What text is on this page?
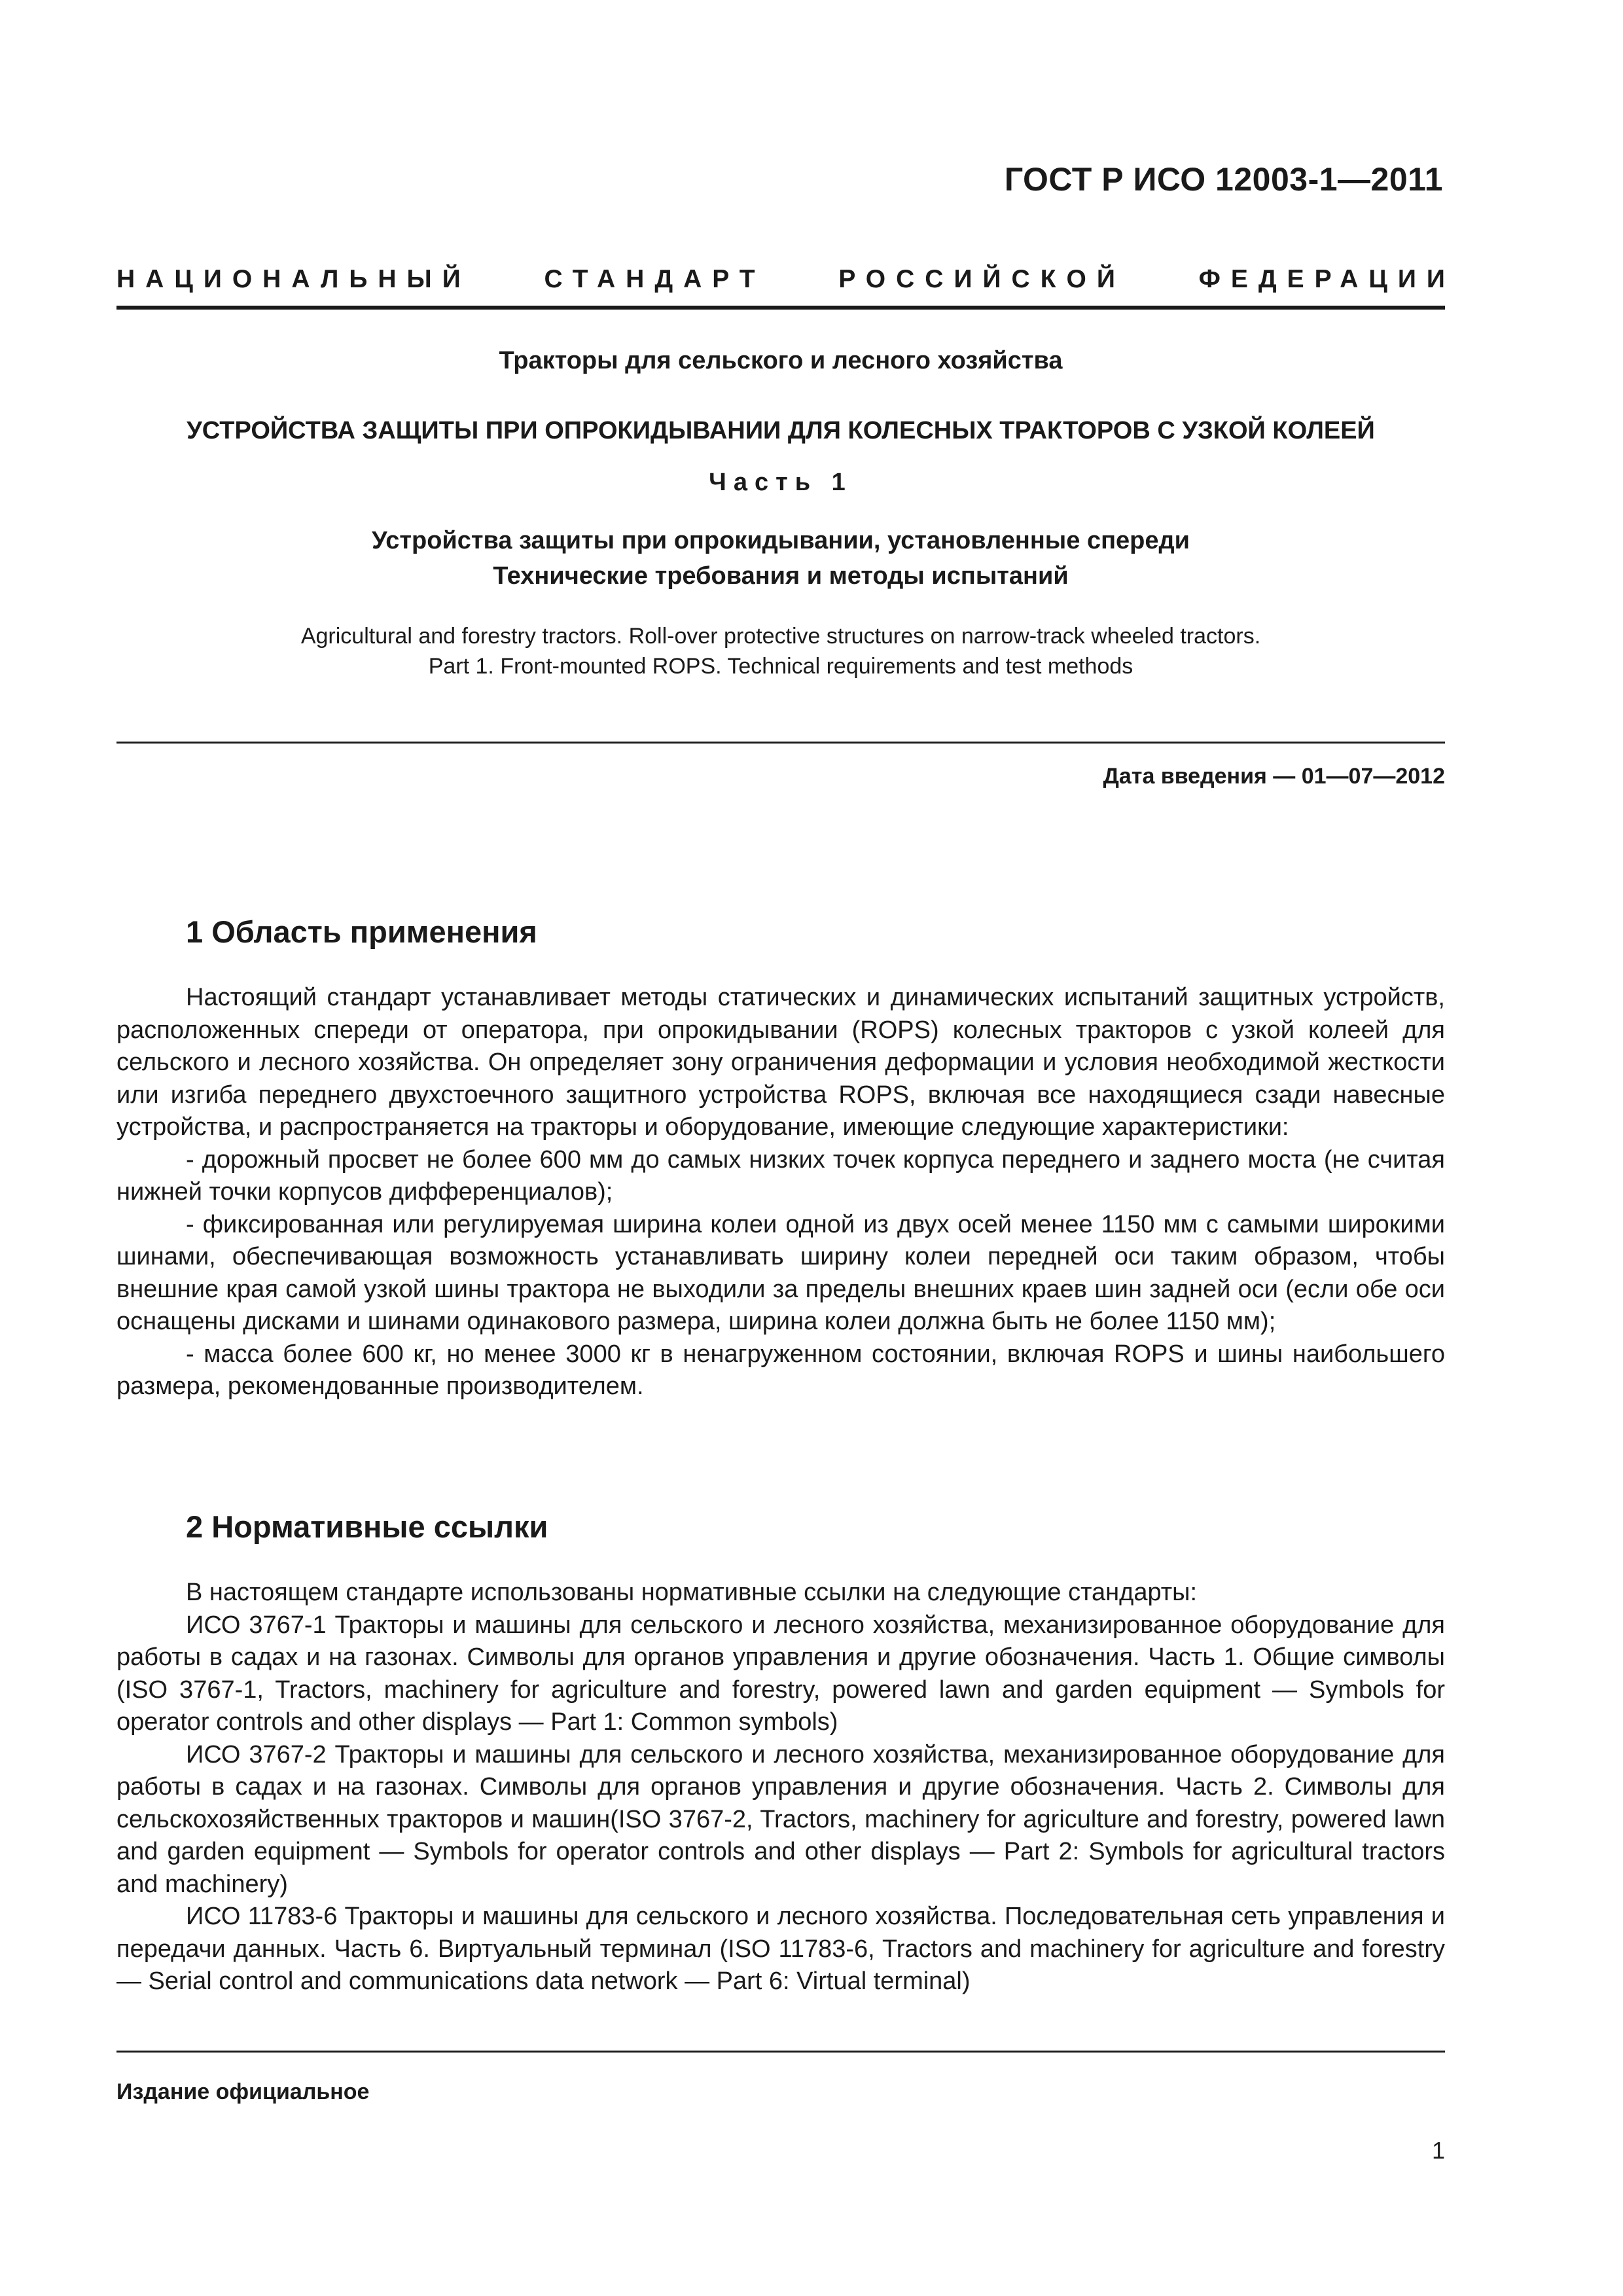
ГОСТ Р ИСО 12003-1—2011
НАЦИОНАЛЬНЫЙ	СТАНДАРТ	РОССИЙСКОЙ	ФЕДЕРАЦИИ
Тракторы для сельского и лесного хозяйства
УСТРОЙСТВА ЗАЩИТЫ ПРИ ОПРОКИДЫВАНИИ ДЛЯ КОЛЕСНЫХ ТРАКТОРОВ С УЗКОЙ КОЛЕЕЙ
Часть 1
Устройства защиты при опрокидывании, установленные спереди
Технические требования и методы испытаний
Agricultural and forestry tractors. Roll-over protective structures on narrow-track wheeled tractors.
Part 1. Front-mounted ROPS. Technical requirements and test methods
Дата введения — 01—07—2012
1 Область применения

Настоящий стандарт устанавливает методы статических и динамических испытаний защитных устройств, расположенных спереди от оператора, при опрокидывании (ROPS) колесных тракторов с узкой колеей для сельского и лесного хозяйства. Он определяет зону ограничения деформации и условия необходимой жесткости или изгиба переднего двухстоечного защитного устройства ROPS, включая все находящиеся сзади навесные устройства, и распространяется на тракторы и оборудование, имеющие следующие характеристики:

- дорожный просвет не более 600 мм до самых низких точек корпуса переднего и заднего моста (не считая нижней точки корпусов дифференциалов);

- фиксированная или регулируемая ширина колеи одной из двух осей менее 1150 мм с самыми широкими шинами, обеспечивающая возможность устанавливать ширину колеи передней оси таким образом, чтобы внешние края самой узкой шины трактора не выходили за пределы внешних краев шин задней оси (если обе оси оснащены дисками и шинами одинакового размера, ширина колеи должна быть не более 1150 мм);

- масса более 600 кг, но менее 3000 кг в ненагруженном состоянии, включая ROPS и шины наибольшего размера, рекомендованные производителем.

2 Нормативные ссылки

В настоящем стандарте использованы нормативные ссылки на следующие стандарты:

ИСО 3767-1 Тракторы и машины для сельского и лесного хозяйства, механизированное оборудование для работы в садах и на газонах. Символы для органов управления и другие обозначения. Часть 1. Общие символы (ISO 3767-1, Tractors, machinery for agriculture and forestry, powered lawn and garden equipment — Symbols for operator controls and other displays — Part 1: Common symbols)

ИСО 3767-2 Тракторы и машины для сельского и лесного хозяйства, механизированное оборудование для работы в садах и на газонах. Символы для органов управления и другие обозначения. Часть 2. Символы для сельскохозяйственных тракторов и машин(ISO 3767-2, Tractors, machinery for agriculture and forestry, powered lawn and garden equipment — Symbols for operator controls and other displays — Part 2: Symbols for agricultural tractors and machinery)

ИСО 11783-6 Тракторы и машины для сельского и лесного хозяйства. Последовательная сеть управления и передачи данных. Часть 6. Виртуальный терминал (ISO 11783-6, Tractors and machinery for agriculture and forestry — Serial control and communications data network — Part 6: Virtual terminal)

Издание официальное
1
